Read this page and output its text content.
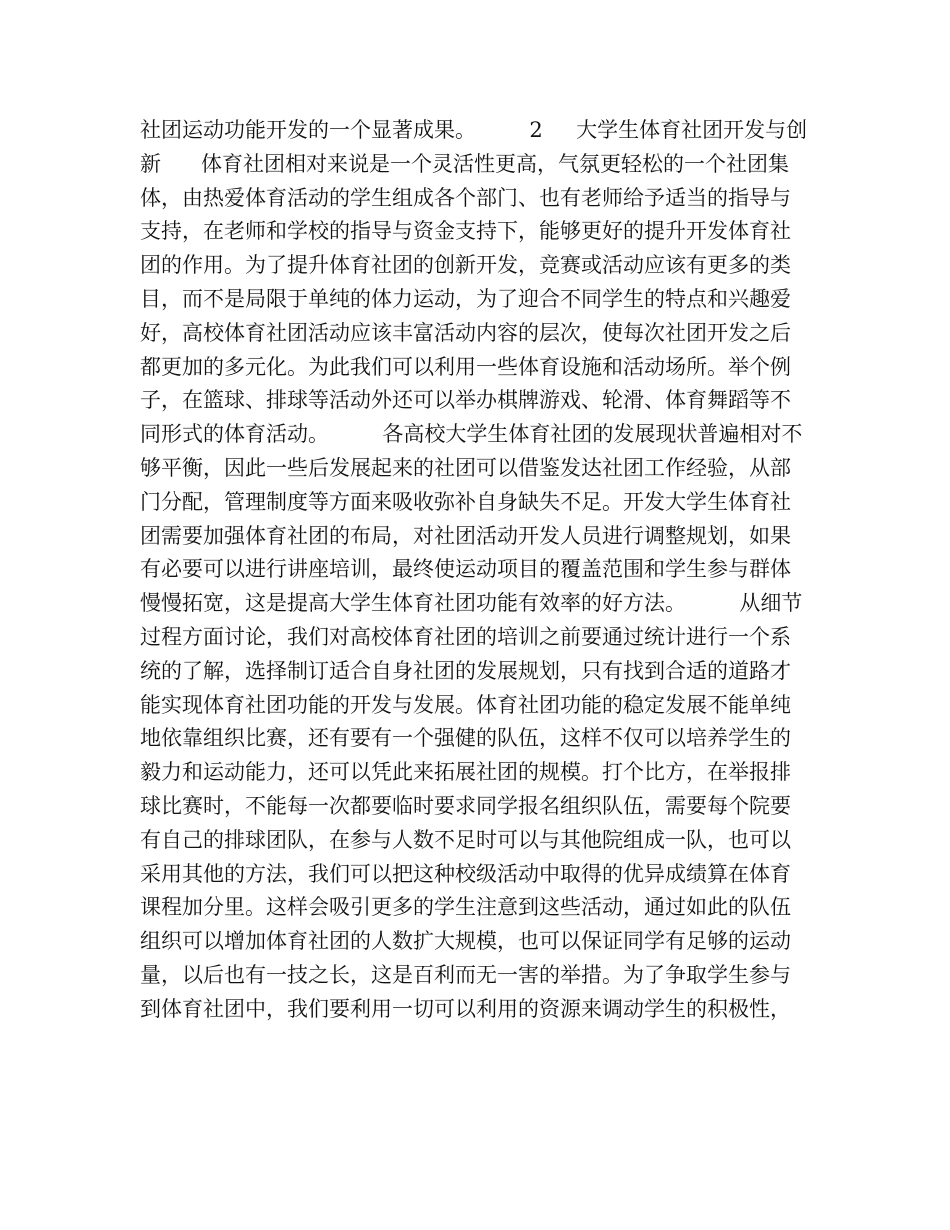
社团运动功能开发的一个显著成果。        2     大学生体育社团开发与创
新      体育社团相对来说是一个灵活性更高，气氛更轻松的一个社团集
体，由热爱体育活动的学生组成各个部门、也有老师给予适当的指导与
支持，在老师和学校的指导与资金支持下，能够更好的提升开发体育社
团的作用。为了提升体育社团的创新开发，竞赛或活动应该有更多的类
目，而不是局限于单纯的体力运动，为了迎合不同学生的特点和兴趣爱
好，高校体育社团活动应该丰富活动内容的层次，使每次社团开发之后
都更加的多元化。为此我们可以利用一些体育设施和活动场所。举个例
子，在篮球、排球等活动外还可以举办棋牌游戏、轮滑、体育舞蹈等不
同形式的体育活动。        各高校大学生体育社团的发展现状普遍相对不
够平衡，因此一些后发展起来的社团可以借鉴发达社团工作经验，从部
门分配，管理制度等方面来吸收弥补自身缺失不足。开发大学生体育社
团需要加强体育社团的布局，对社团活动开发人员进行调整规划，如果
有必要可以进行讲座培训，最终使运动项目的覆盖范围和学生参与群体
慢慢拓宽，这是提高大学生体育社团功能有效率的好方法。        从细节
过程方面讨论，我们对高校体育社团的培训之前要通过统计进行一个系
统的了解，选择制订适合自身社团的发展规划，只有找到合适的道路才
能实现体育社团功能的开发与发展。体育社团功能的稳定发展不能单纯
地依靠组织比赛，还有要有一个强健的队伍，这样不仅可以培养学生的
毅力和运动能力，还可以凭此来拓展社团的规模。打个比方，在举报排
球比赛时，不能每一次都要临时要求同学报名组织队伍，需要每个院要
有自己的排球团队，在参与人数不足时可以与其他院组成一队，也可以
采用其他的方法，我们可以把这种校级活动中取得的优异成绩算在体育
课程加分里。这样会吸引更多的学生注意到这些活动，通过如此的队伍
组织可以增加体育社团的人数扩大规模，也可以保证同学有足够的运动
量，以后也有一技之长，这是百利而无一害的举措。为了争取学生参与
到体育社团中，我们要利用一切可以利用的资源来调动学生的积极性，
